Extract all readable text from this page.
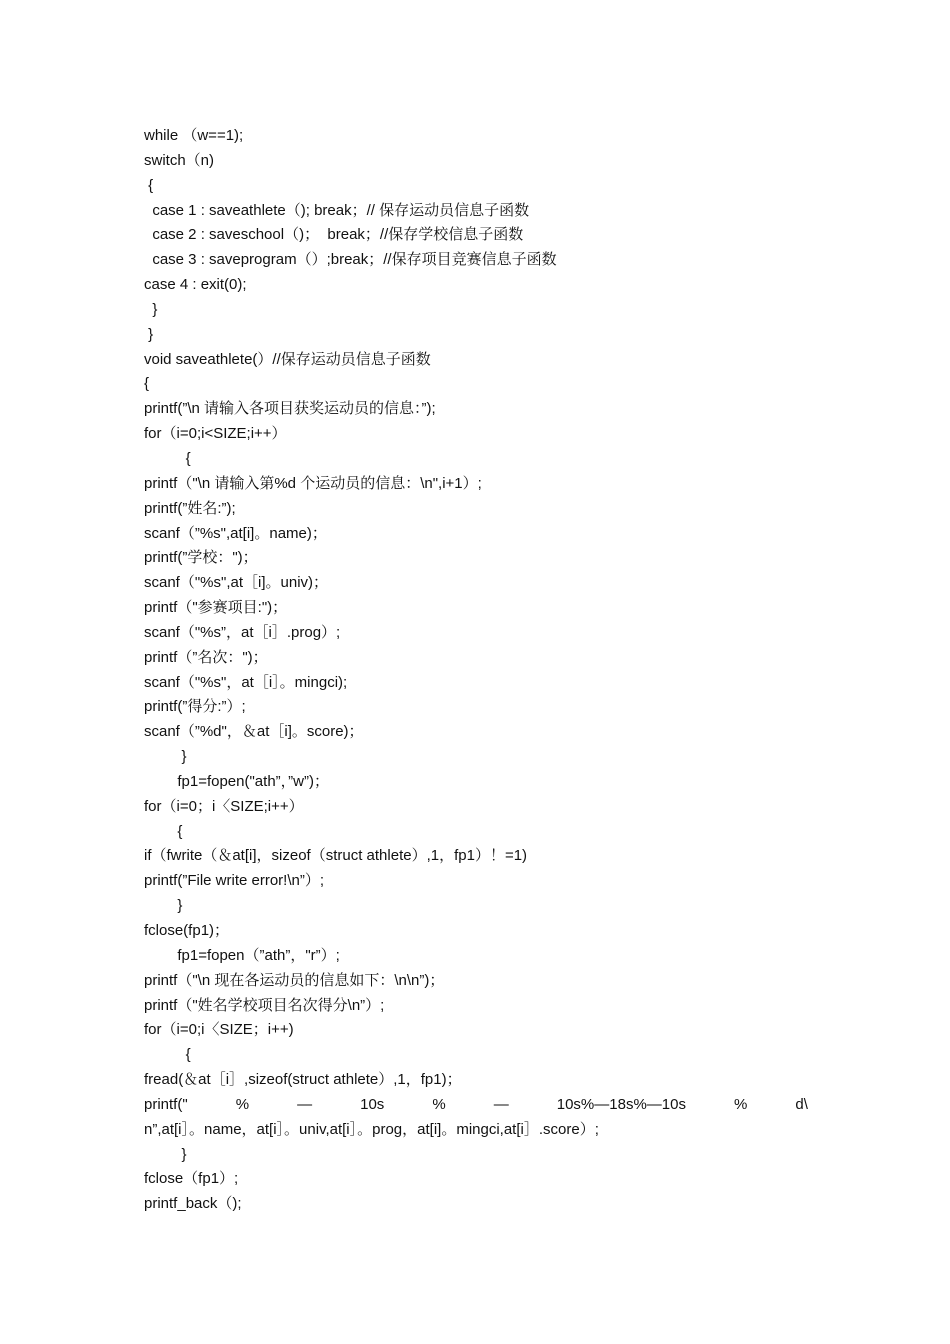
while （w==1);
switch（n)
{
case 1 : saveathlete（); break；// 保存运动员信息子函数
case 2 : saveschool（)；  break；//保存学校信息子函数
case 3 : saveprogram（）;break；//保存项目竞赛信息子函数
case 4 : exit(0);
}
}
void saveathlete(）//保存运动员信息子函数
{
printf(”\n 请输入各项目获奖运动员的信息：”);
for（i=0;i<SIZE;i++）
{
printf（"\n 请输入第%d 个运动员的信息：\n",i+1）;
printf(”姓名:”);
scanf（”%s",at[i]。name)；
printf(”学校：")；
scanf（"%s",at［i]。univ)；
printf（"参赛项目:")；
scanf（"%s”，at［i］.prog）;
printf（”名次：")；
scanf（"%s"，at［i］。mingci);
printf(”得分:”）;
scanf（”%d"，＆at［i]。score)；
}
fp1=fopen("ath”，”w”)；
for（i=0；i〈SIZE;i++）
{
if（fwrite（＆at[i]，sizeof（struct athlete）,1，fp1）！=1)
printf(”File write error!\n”）;
}
fclose(fp1)；
fp1=fopen（”ath”，"r”）;
printf（"\n 现在各运动员的信息如下：\n\n”)；
printf（"姓名学校项目名次得分\n”）;
for（i=0;i〈SIZE；i++)
{
fread(＆at［i］,sizeof(struct athlete）,1，fp1)；
printf("	%	—	10s	%	—	10s%—18s%—10s	%	d\
n”,at[i］。name，at[i］。univ,at[i］。prog，at[i]。mingci,at[i］.score）;
}
fclose（fp1）;
printf_back（);
